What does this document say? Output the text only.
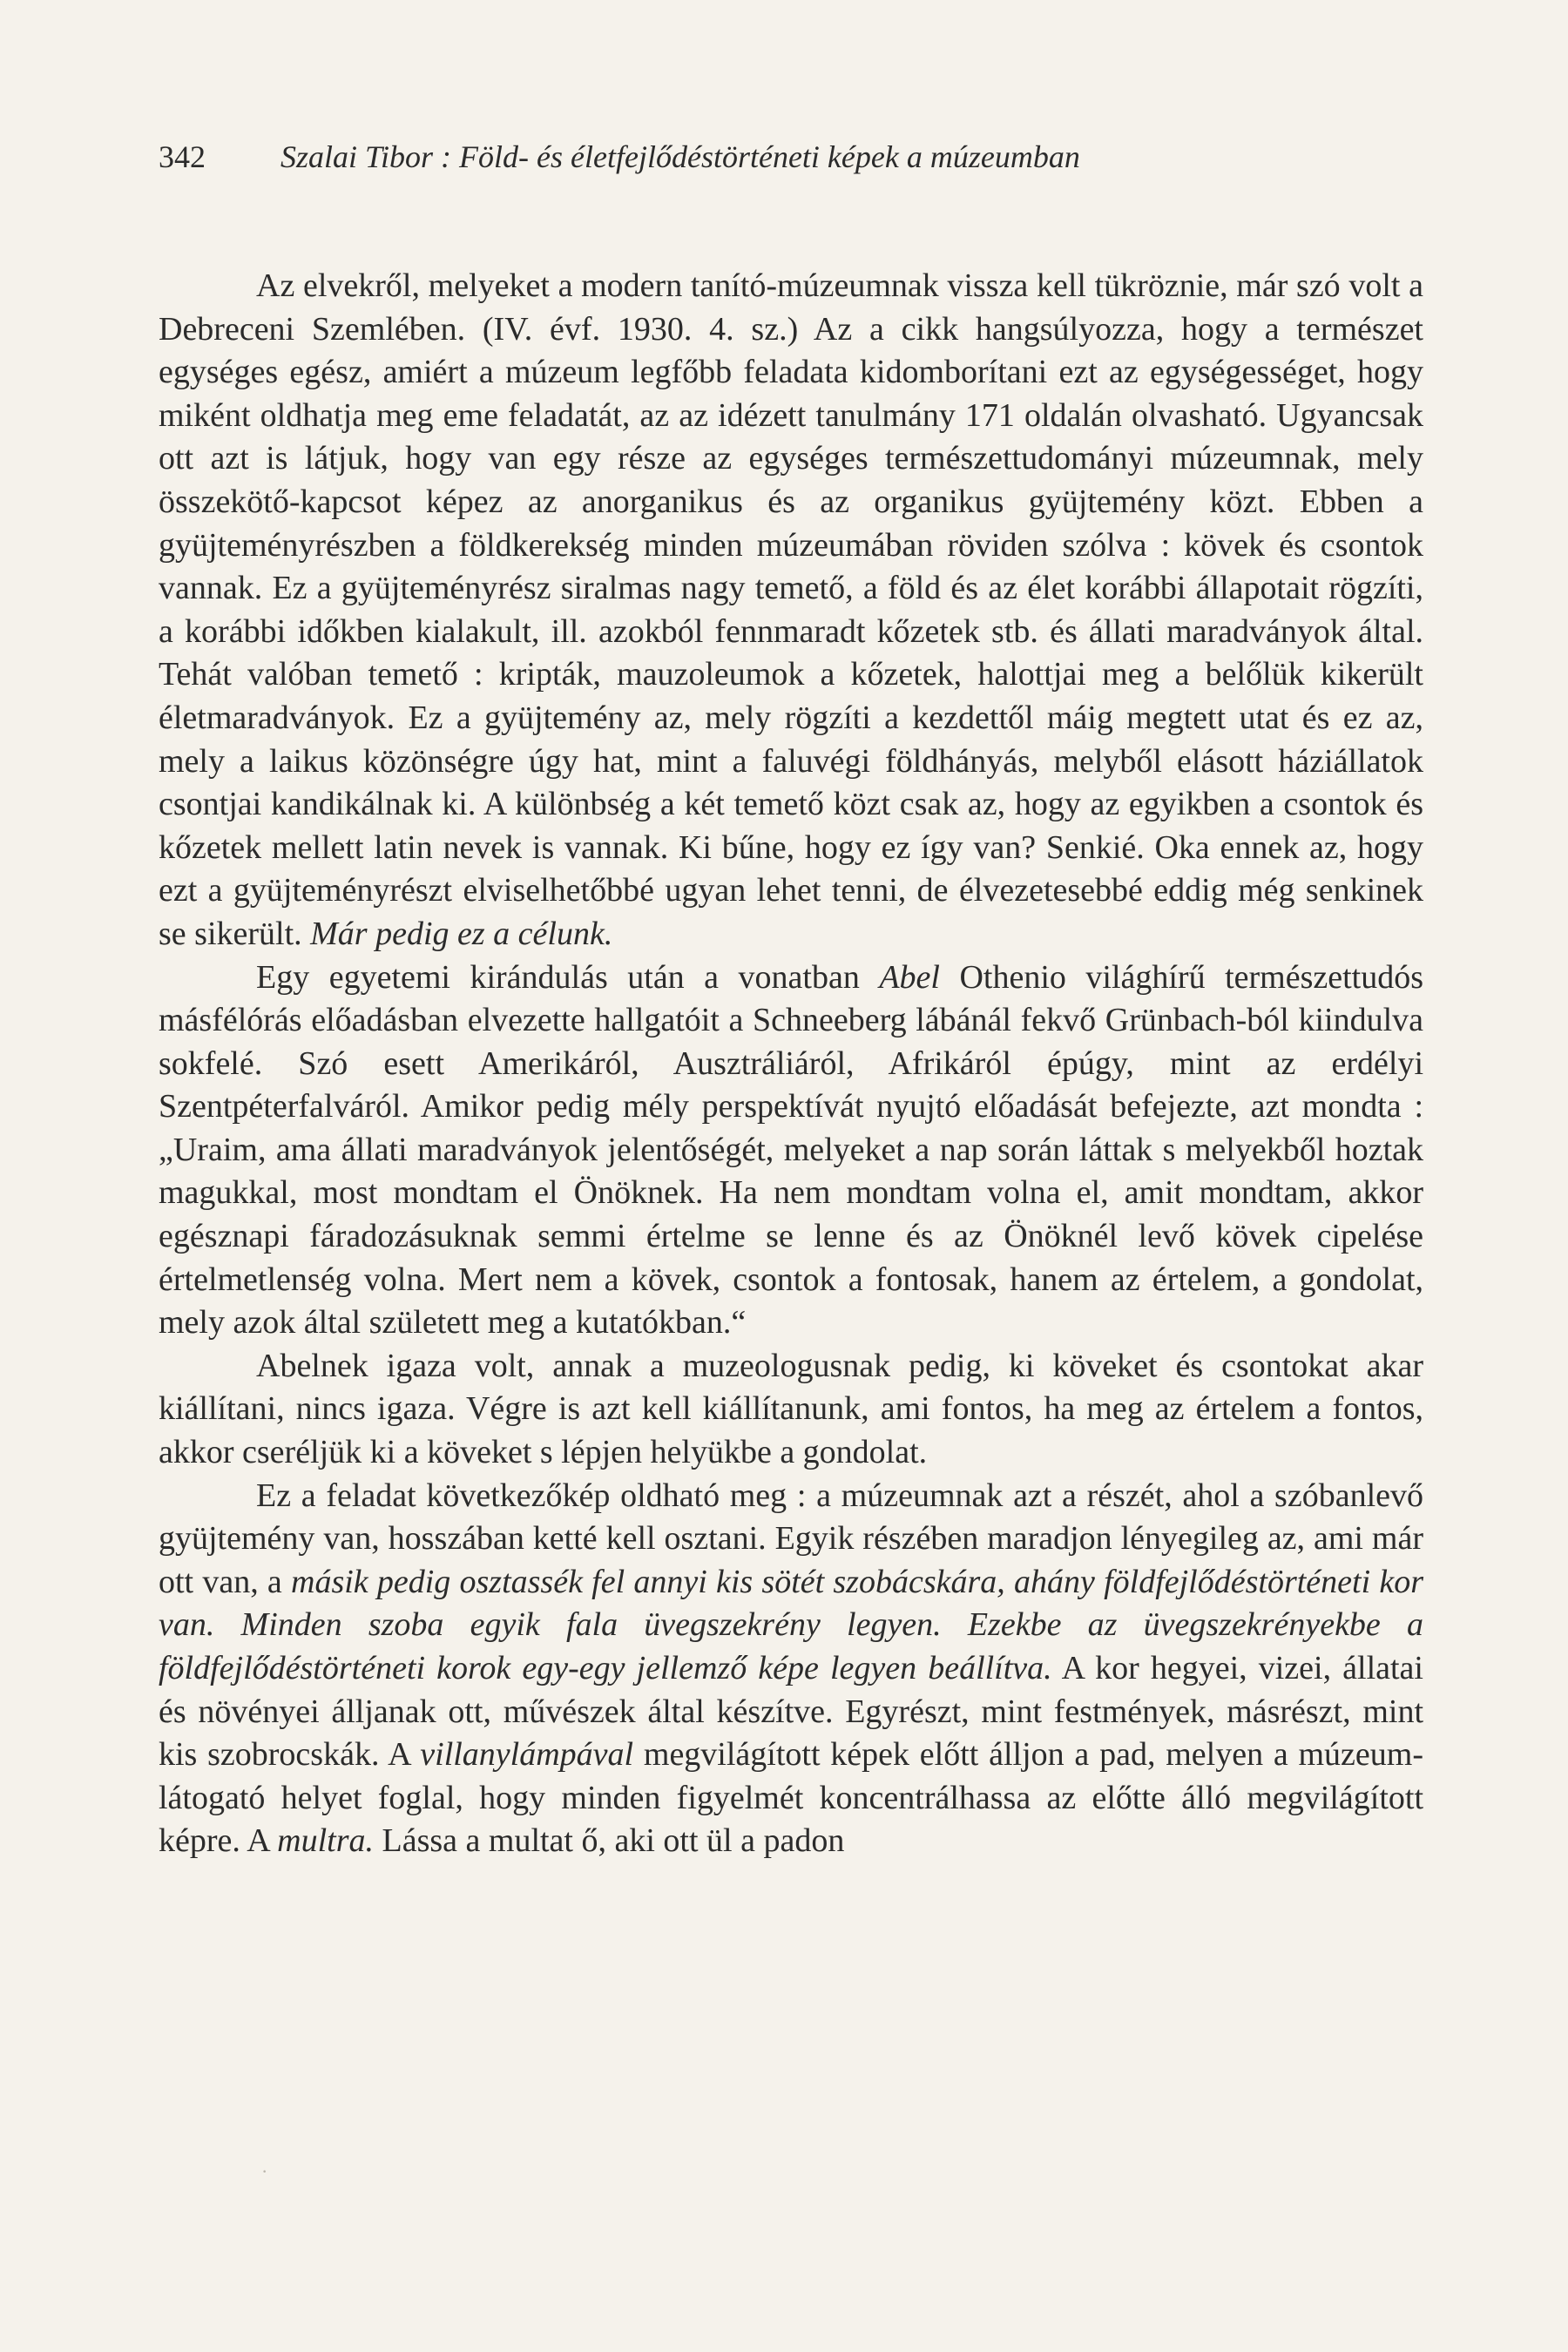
342 Szalai Tibor : Föld- és életfejlődéstörténeti képek a múzeumban

Az elvekről, melyeket a modern tanító-múzeumnak vissza kell tükröznie, már szó volt a Debreceni Szemlében. (IV. évf. 1930. 4. sz.) Az a cikk hangsúlyozza, hogy a természet egységes egész, amiért a múzeum legfőbb feladata kidomborítani ezt az egységességet, hogy miként oldhatja meg eme feladatát, az az idézett tanulmány 171 oldalán olvasható. Ugyancsak ott azt is látjuk, hogy van egy része az egységes természettudományi múzeumnak, mely összekötő-kapcsot képez az anorganikus és az organikus gyüjtemény közt. Ebben a gyüjteményrészben a földkerekség minden múzeumában röviden szólva : kövek és csontok vannak. Ez a gyüjteményrész siralmas nagy temető, a föld és az élet korábbi állapotait rögzíti, a korábbi időkben kialakult, ill. azokból fennmaradt kőzetek stb. és állati maradványok által. Tehát valóban temető : kripták, mauzoleumok a kőzetek, halottjai meg a belőlük kikerült életmaradványok. Ez a gyüjtemény az, mely rögzíti a kezdettől máig megtett utat és ez az, mely a laikus közönségre úgy hat, mint a faluvégi földhányás, melyből elásott háziállatok csontjai kandikálnak ki. A különbség a két temető közt csak az, hogy az egyikben a csontok és kőzetek mellett latin nevek is vannak. Ki bűne, hogy ez így van? Senkié. Oka ennek az, hogy ezt a gyüjteményrészt elviselhetőbbé ugyan lehet tenni, de élvezetesebbé eddig még senkinek se sikerült. Már pedig ez a célunk.

Egy egyetemi kirándulás után a vonatban Abel Othenio világhírű természettudós másfélórás előadásban elvezette hallgatóit a Schneeberg lábánál fekvő Grünbach-ból kiindulva sokfelé. Szó esett Amerikáról, Ausztráliáról, Afrikáról épúgy, mint az erdélyi Szentpéterfalváról. Amikor pedig mély perspektívát nyujtó előadását befejezte, azt mondta : „Uraim, ama állati maradványok jelentőségét, melyeket a nap során láttak s melyekből hoztak magukkal, most mondtam el Önöknek. Ha nem mondtam volna el, amit mondtam, akkor egésznapi fáradozásuknak semmi értelme se lenne és az Önöknél levő kövek cipelése értelmetlenség volna. Mert nem a kövek, csontok a fontosak, hanem az értelem, a gondolat, mely azok által született meg a kutatókban.“

Abelnek igaza volt, annak a muzeologusnak pedig, ki köveket és csontokat akar kiállítani, nincs igaza. Végre is azt kell kiállítanunk, ami fontos, ha meg az értelem a fontos, akkor cseréljük ki a köveket s lépjen helyükbe a gondolat.

Ez a feladat következőkép oldható meg : a múzeumnak azt a részét, ahol a szóbanlevő gyüjtemény van, hosszában ketté kell osztani. Egyik részében maradjon lényegileg az, ami már ott van, a másik pedig osztassék fel annyi kis sötét szobácskára, ahány földfejlődéstörténeti kor van. Minden szoba egyik fala üvegszekrény legyen. Ezekbe az üvegszekrényekbe a földfejlődéstörténeti korok egy-egy jellemző képe legyen beállítva. A kor hegyei, vizei, állatai és növényei álljanak ott, művészek által készítve. Egyrészt, mint festmények, másrészt, mint kis szobrocskák. A villanylámpával megvilágított képek előtt álljon a pad, melyen a múzeumlátogató helyet foglal, hogy minden figyelmét koncentrálhassa az előtte álló megvilágított képre. A multra. Lássa a multat ő, aki ott ül a padon

·
